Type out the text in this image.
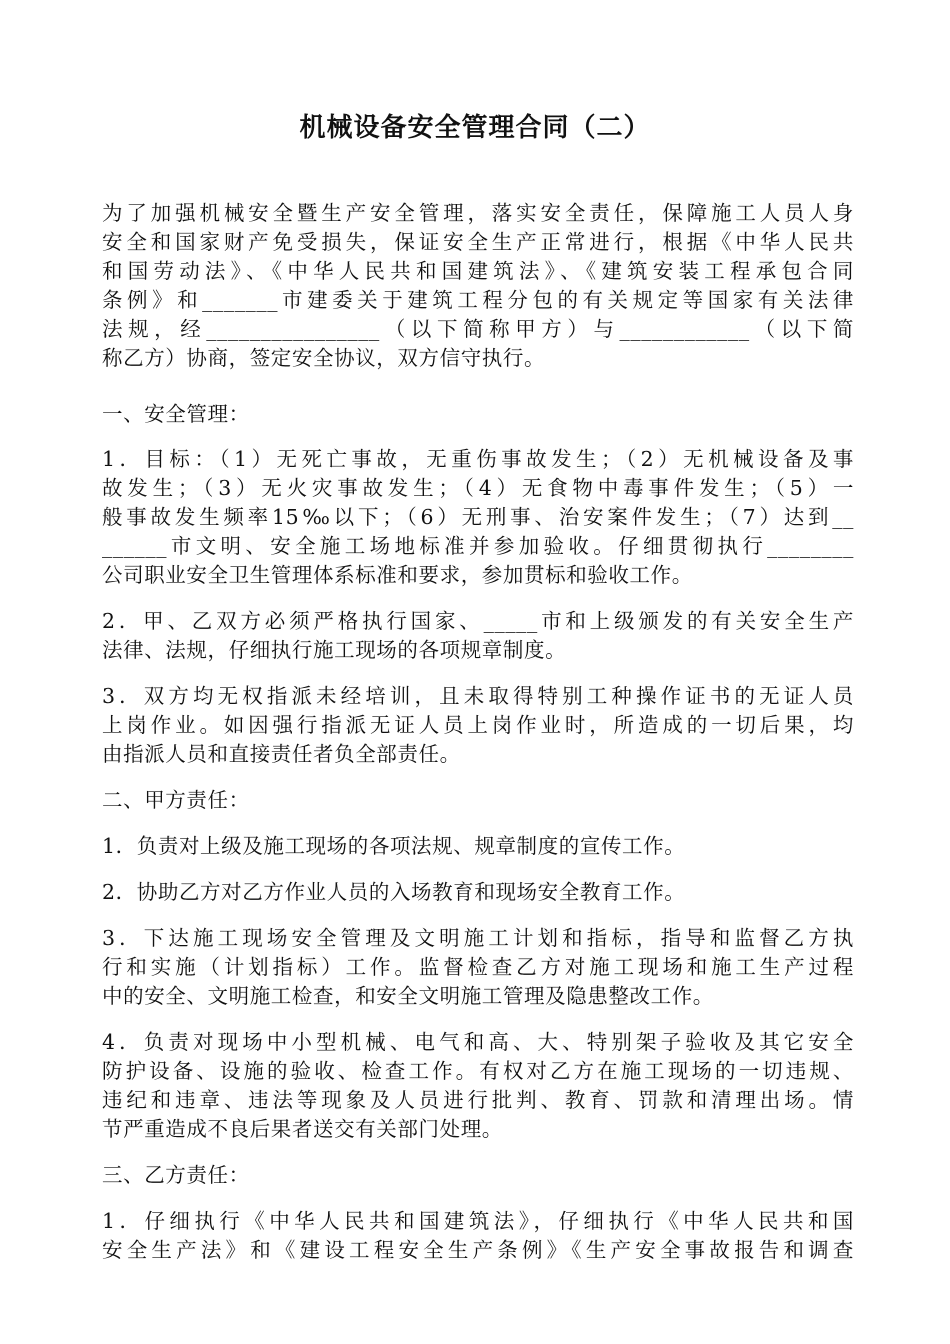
机械设备安全管理合同（二）
为了加强机械安全暨生产安全管理，落实安全责任，保障施工人员人身
安全和国家财产免受损失，保证安全生产正常进行，根据《中华人民共
和国劳动法》、《中华人民共和国建筑法》、《建筑安装工程承包合同
条例》和_______市建委关于建筑工程分包的有关规定等国家有关法律
法规，经________________（以下简称甲方）与____________（以下简
称乙方）协商，签定安全协议，双方信守执行。
一、安全管理：
1．目标：（1）无死亡事故，无重伤事故发生；（2）无机械设备及事
故发生；（3）无火灾事故发生；（4）无食物中毒事件发生；（5）一
般事故发生频率15‰以下；（6）无刑事、治安案件发生；（7）达到__
______市文明、安全施工场地标准并参加验收。仔细贯彻执行________
公司职业安全卫生管理体系标准和要求，参加贯标和验收工作。
2．甲、乙双方必须严格执行国家、_____市和上级颁发的有关安全生产
法律、法规，仔细执行施工现场的各项规章制度。
3．双方均无权指派未经培训，且未取得特别工种操作证书的无证人员
上岗作业。如因强行指派无证人员上岗作业时，所造成的一切后果，均
由指派人员和直接责任者负全部责任。
二、甲方责任：
1．负责对上级及施工现场的各项法规、规章制度的宣传工作。
2．协助乙方对乙方作业人员的入场教育和现场安全教育工作。
3．下达施工现场安全管理及文明施工计划和指标，指导和监督乙方执
行和实施（计划指标）工作。监督检查乙方对施工现场和施工生产过程
中的安全、文明施工检查，和安全文明施工管理及隐患整改工作。
4．负责对现场中小型机械、电气和高、大、特别架子验收及其它安全
防护设备、设施的验收、检查工作。有权对乙方在施工现场的一切违规、
违纪和违章、违法等现象及人员进行批判、教育、罚款和清理出场。情
节严重造成不良后果者送交有关部门处理。
三、乙方责任：
1．仔细执行《中华人民共和国建筑法》，仔细执行《中华人民共和国
安全生产法》和《建设工程安全生产条例》《生产安全事故报告和调查
